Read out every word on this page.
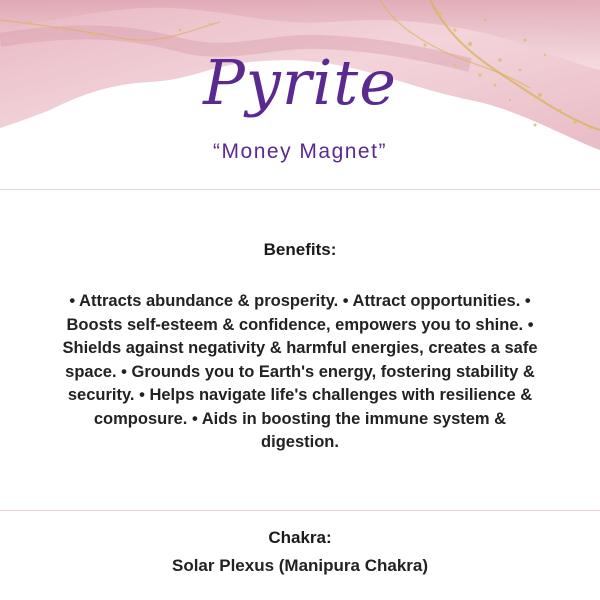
Pyrite
“Money Magnet”
Benefits:
• Attracts abundance & prosperity. • Attract opportunities. • Boosts self-esteem & confidence, empowers you to shine. • Shields against negativity & harmful energies, creates a safe space. • Grounds you to Earth's energy, fostering stability & security. • Helps navigate life's challenges with resilience & composure. • Aids in boosting the immune system & digestion.
Chakra:
Solar Plexus (Manipura Chakra)
